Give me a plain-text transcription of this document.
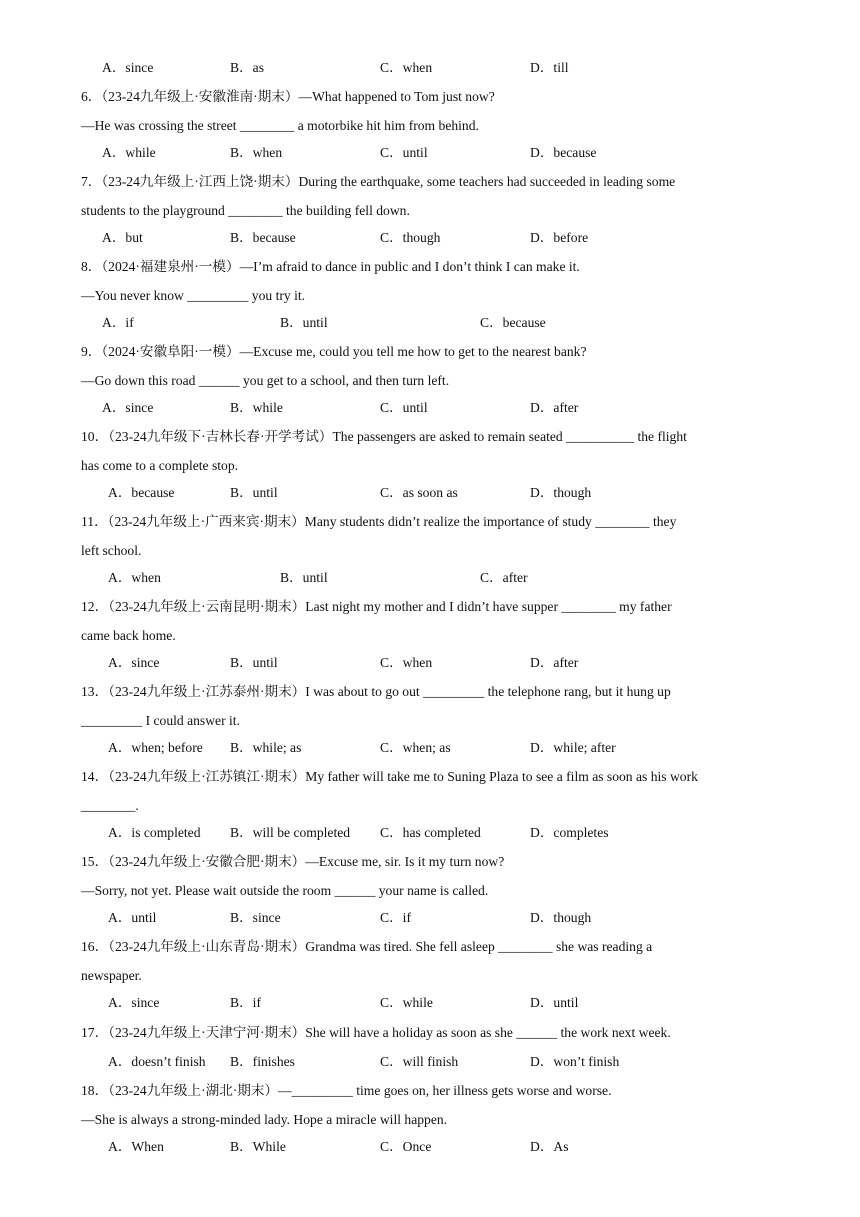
A．since	B．as	C．when	D．till
6．（23-24九年级上·安徽淮南·期末）—What happened to Tom just now?
—He was crossing the street ________ a motorbike hit him from behind.
A．while	B．when	C．until	D．because
7．（23-24九年级上·江西上饶·期末）During the earthquake, some teachers had succeeded in leading some
students to the playground ________ the building fell down.
A．but	B．because	C．though	D．before
8．（2024·福建泉州·一模）—I’m afraid to dance in public and I don’t think I can make it.
—You never know _________ you try it.
A．if	B．until	C．because
9．（2024·安徽阜阳·一模）—Excuse me, could you tell me how to get to the nearest bank?
—Go down this road ______ you get to a school, and then turn left.
A．since	B．while	C．until	D．after
10．（23-24九年级下·吉林长春·开学考试）The passengers are asked to remain seated __________ the flight
has come to a complete stop.
A．because	B．until	C．as soon as	D．though
11．（23-24九年级上·广西来宾·期末）Many students didn’t realize the importance of study ________ they
left school.
A．when	B．until	C．after
12．（23-24九年级上·云南昆明·期末）Last night my mother and I didn’t have supper ________ my father
came back home.
A．since	B．until	C．when	D．after
13．（23-24九年级上·江苏泰州·期末）I was about to go out _________ the telephone rang, but it hung up
_________ I could answer it.
A．when; before B．while; as	C．when; as	D．while; after
14．（23-24九年级上·江苏镇江·期末）My father will take me to Suning Plaza to see a film as soon as his work
________.
A．is completed B．will be completed C．has completed	D．completes
15．（23-24九年级上·安徽合肥·期末）—Excuse me, sir. Is it my turn now?
—Sorry, not yet. Please wait outside the room ______ your name is called.
A．until	B．since	C．if	D．though
16．（23-24九年级上·山东青岛·期末）Grandma was tired. She fell asleep ________ she was reading a
newspaper.
A．since	B．if	C．while	D．until
17．（23-24九年级上·天津宁河·期末）She will have a holiday as soon as she ______ the work next week.
A．doesn’t finish B．finishes	C．will finish	D．won’t finish
18．（23-24九年级上·湖北·期末）—_________ time goes on, her illness gets worse and worse.
—She is always a strong-minded lady. Hope a miracle will happen.
A．When	B．While	C．Once	D．As
